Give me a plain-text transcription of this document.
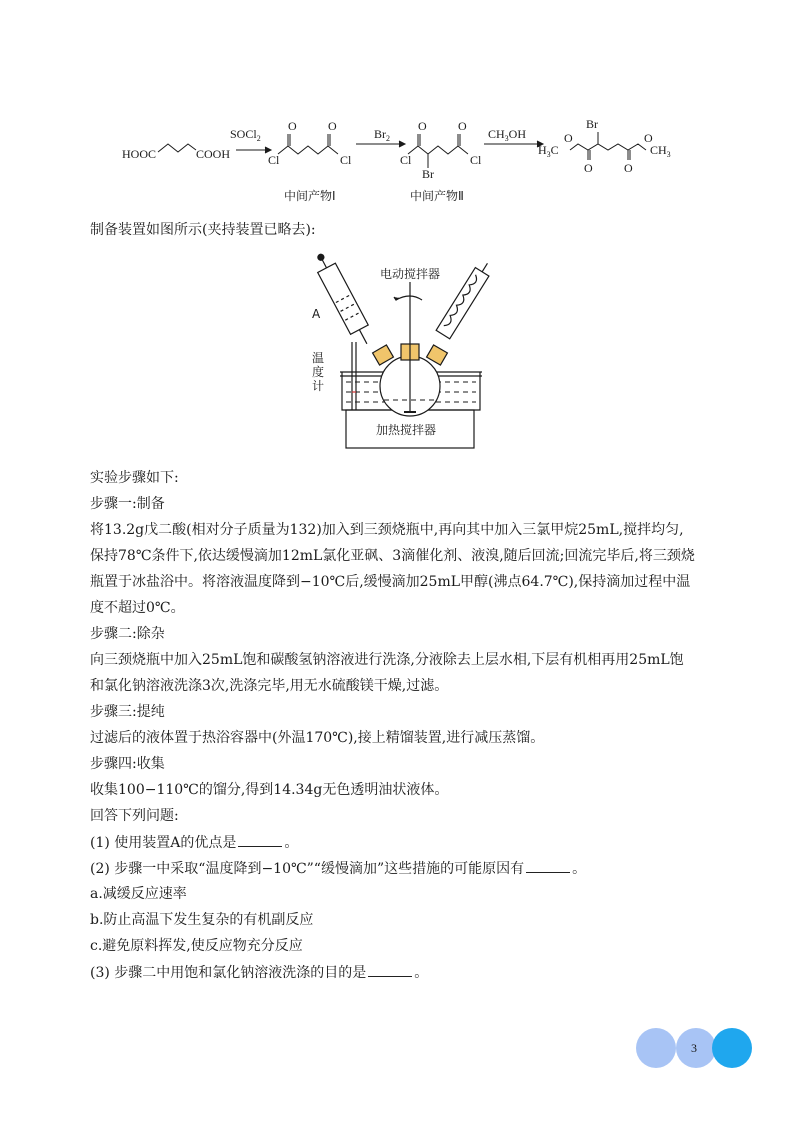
HOOC	COOH
SOCl$_2$
O	O
Cl	Cl
$Br_2$
O	O
Cl	Cl
Br
$CH_3OH$
$H_3C$
O
O	O
O
Br
$CH_3$
中间产物Ⅰ	中间产物Ⅱ
制备装置如图所示(夹持装置已略去):
电动搅拌器
A
温
度
计
加热搅拌器
实验步骤如下:
步骤一:制备
将13.2g戊二酸(相对分子质量为132)加入到三颈烧瓶中,再向其中加入三氯甲烷25mL,搅拌均匀,
保持78℃条件下,依达缓慢滴加12mL氯化亚砜、3滴催化剂、液溴,随后回流;回流完毕后,将三颈烧
瓶置于冰盐浴中。将溶液温度降到−10℃后,缓慢滴加25mL甲醇(沸点64.7℃),保持滴加过程中温
度不超过0℃。
步骤二:除杂
向三颈烧瓶中加入25mL饱和碳酸氢钠溶液进行洗涤,分液除去上层水相,下层有机相再用25mL饱
和氯化钠溶液洗涤3次,洗涤完毕,用无水硫酸镁干燥,过滤。
步骤三:提纯
过滤后的液体置于热浴容器中(外温170℃),接上精馏装置,进行减压蒸馏。
步骤四:收集
收集100−110℃的馏分,得到14.34g无色透明油状液体。
回答下列问题:
(1) 使用装置A的优点是	。
(2) 步骤一中采取“温度降到−10℃”“缓慢滴加”这些措施的可能原因有	。
a.减缓反应速率
b.防止高温下发生复杂的有机副反应
c.避免原料挥发,使反应物充分反应
(3) 步骤二中用饱和氯化钠溶液洗涤的目的是	。
3
